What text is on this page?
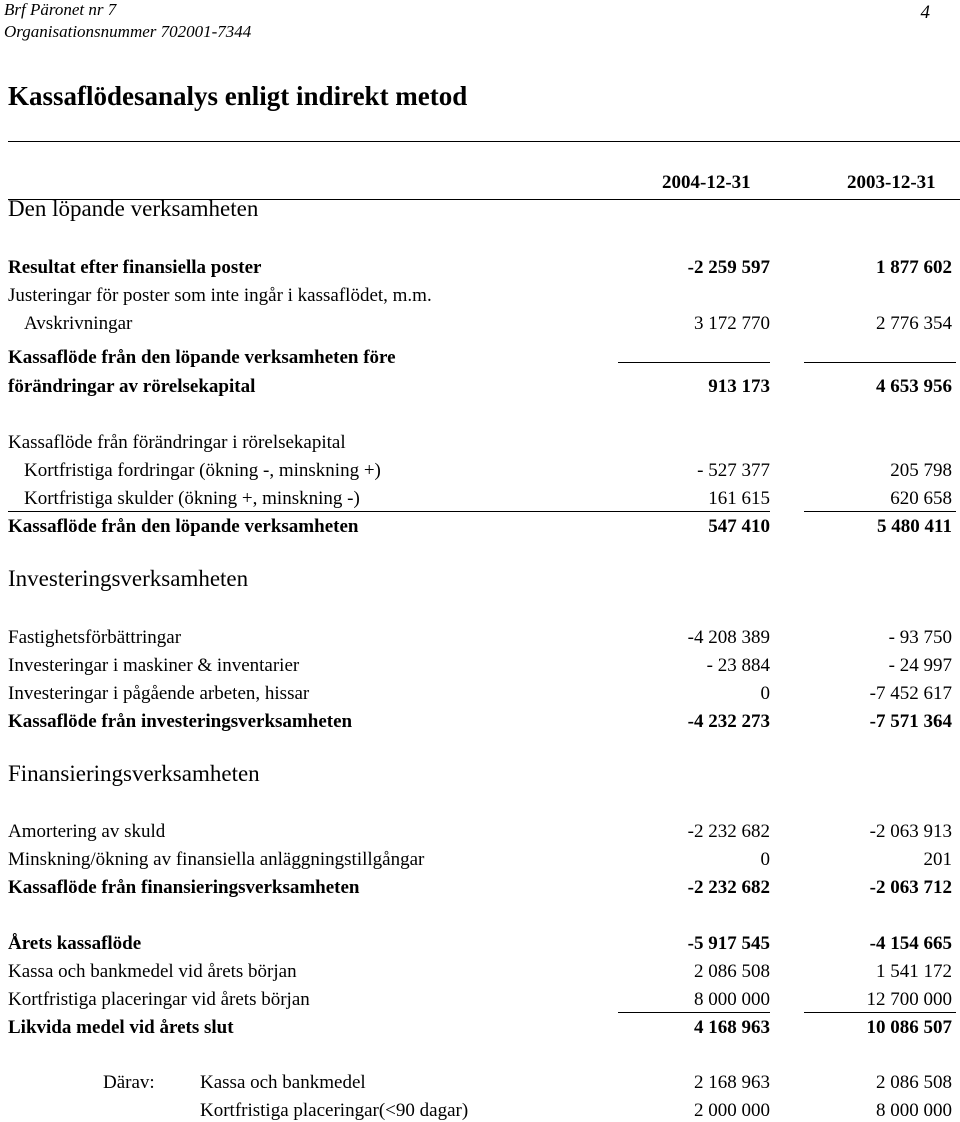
Brf Päronet nr 7
Organisationsnummer 702001-7344
4
Kassaflödesanalys enligt indirekt metod
2004-12-31	2003-12-31
Den löpande verksamheten
Resultat efter finansiella poster	-2 259 597	1 877 602
Justeringar för poster som inte ingår i kassaflödet, m.m.
Avskrivningar	3 172 770	2 776 354
Kassaflöde från den löpande verksamheten före
förändringar av rörelsekapital	913 173	4 653 956
Kassaflöde från förändringar i rörelsekapital
Kortfristiga fordringar (ökning -, minskning +)	- 527 377	205 798
Kortfristiga skulder (ökning +, minskning -)	161 615	620 658
Kassaflöde från den löpande verksamheten	547 410	5 480 411
Investeringsverksamheten
Fastighetsförbättringar	-4 208 389	- 93 750
Investeringar i maskiner & inventarier	- 23 884	- 24 997
Investeringar i pågående arbeten, hissar	0	-7 452 617
Kassaflöde från investeringsverksamheten	-4 232 273	-7 571 364
Finansieringsverksamheten
Amortering av skuld	-2 232 682	-2 063 913
Minskning/ökning av finansiella anläggningstillgångar	0	201
Kassaflöde från finansieringsverksamheten	-2 232 682	-2 063 712
Årets kassaflöde	-5 917 545	-4 154 665
Kassa och bankmedel vid årets början	2 086 508	1 541 172
Kortfristiga placeringar vid årets början	8 000 000	12 700 000
Likvida medel vid årets slut	4 168 963	10 086 507
Därav: Kassa och bankmedel	2 168 963	2 086 508
Kortfristiga placeringar(<90 dagar)	2 000 000	8 000 000
